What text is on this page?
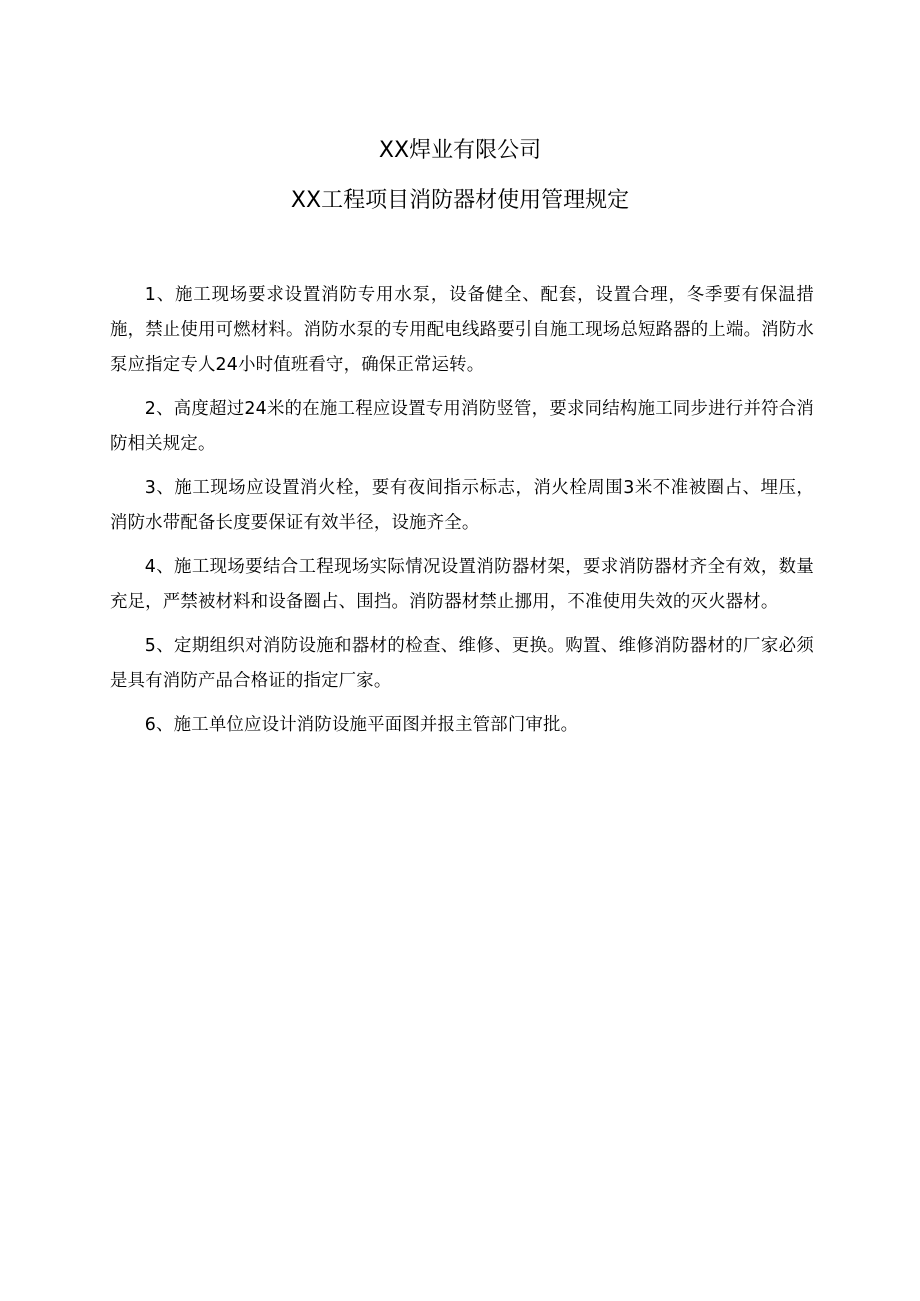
XX焊业有限公司
XX工程项目消防器材使用管理规定

1、施工现场要求设置消防专用水泵，设备健全、配套，设置合理，冬季要有保温措施，禁止使用可燃材料。消防水泵的专用配电线路要引自施工现场总短路器的上端。消防水泵应指定专人24小时值班看守，确保正常运转。

2、高度超过24米的在施工程应设置专用消防竖管，要求同结构施工同步进行并符合消防相关规定。

3、施工现场应设置消火栓，要有夜间指示标志，消火栓周围3米不准被圈占、埋压，消防水带配备长度要保证有效半径，设施齐全。

4、施工现场要结合工程现场实际情况设置消防器材架，要求消防器材齐全有效，数量充足，严禁被材料和设备圈占、围挡。消防器材禁止挪用，不准使用失效的灭火器材。

5、定期组织对消防设施和器材的检查、维修、更换。购置、维修消防器材的厂家必须是具有消防产品合格证的指定厂家。

6、施工单位应设计消防设施平面图并报主管部门审批。
